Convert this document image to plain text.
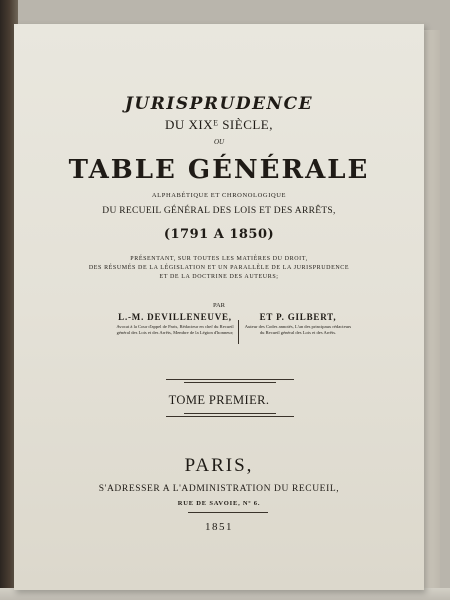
JURISPRUDENCE
DU XIXᴱ SIÈCLE,
OU
TABLE GÉNÉRALE
ALPHABÉTIQUE ET CHRONOLOGIQUE
DU RECUEIL GÉNÉRAL DES LOIS ET DES ARRÊTS,
(1791 A 1850)
PRÉSENTANT, SUR TOUTES LES MATIÈRES DU DROIT,
DES RÉSUMÉS DE LA LÉGISLATION ET UN PARALLÈLE DE LA JURISPRUDENCE
ET DE LA DOCTRINE DES AUTEURS;
PAR
L.-M. DEVILLENEUVE,
Avocat à la Cour d'appel de Paris, Rédacteur en chef du Recueil général des Lois et des Arrêts, Membre de la Légion d'honneur;
ET P. GILBERT,
Auteur des Codes annotés, L'un des principaux rédacteurs du Recueil général des Lois et des Arrêts.
TOME PREMIER.
PARIS,
S'ADRESSER A L'ADMINISTRATION DU RECUEIL,
RUE DE SAVOIE, Nº 6.
1851
